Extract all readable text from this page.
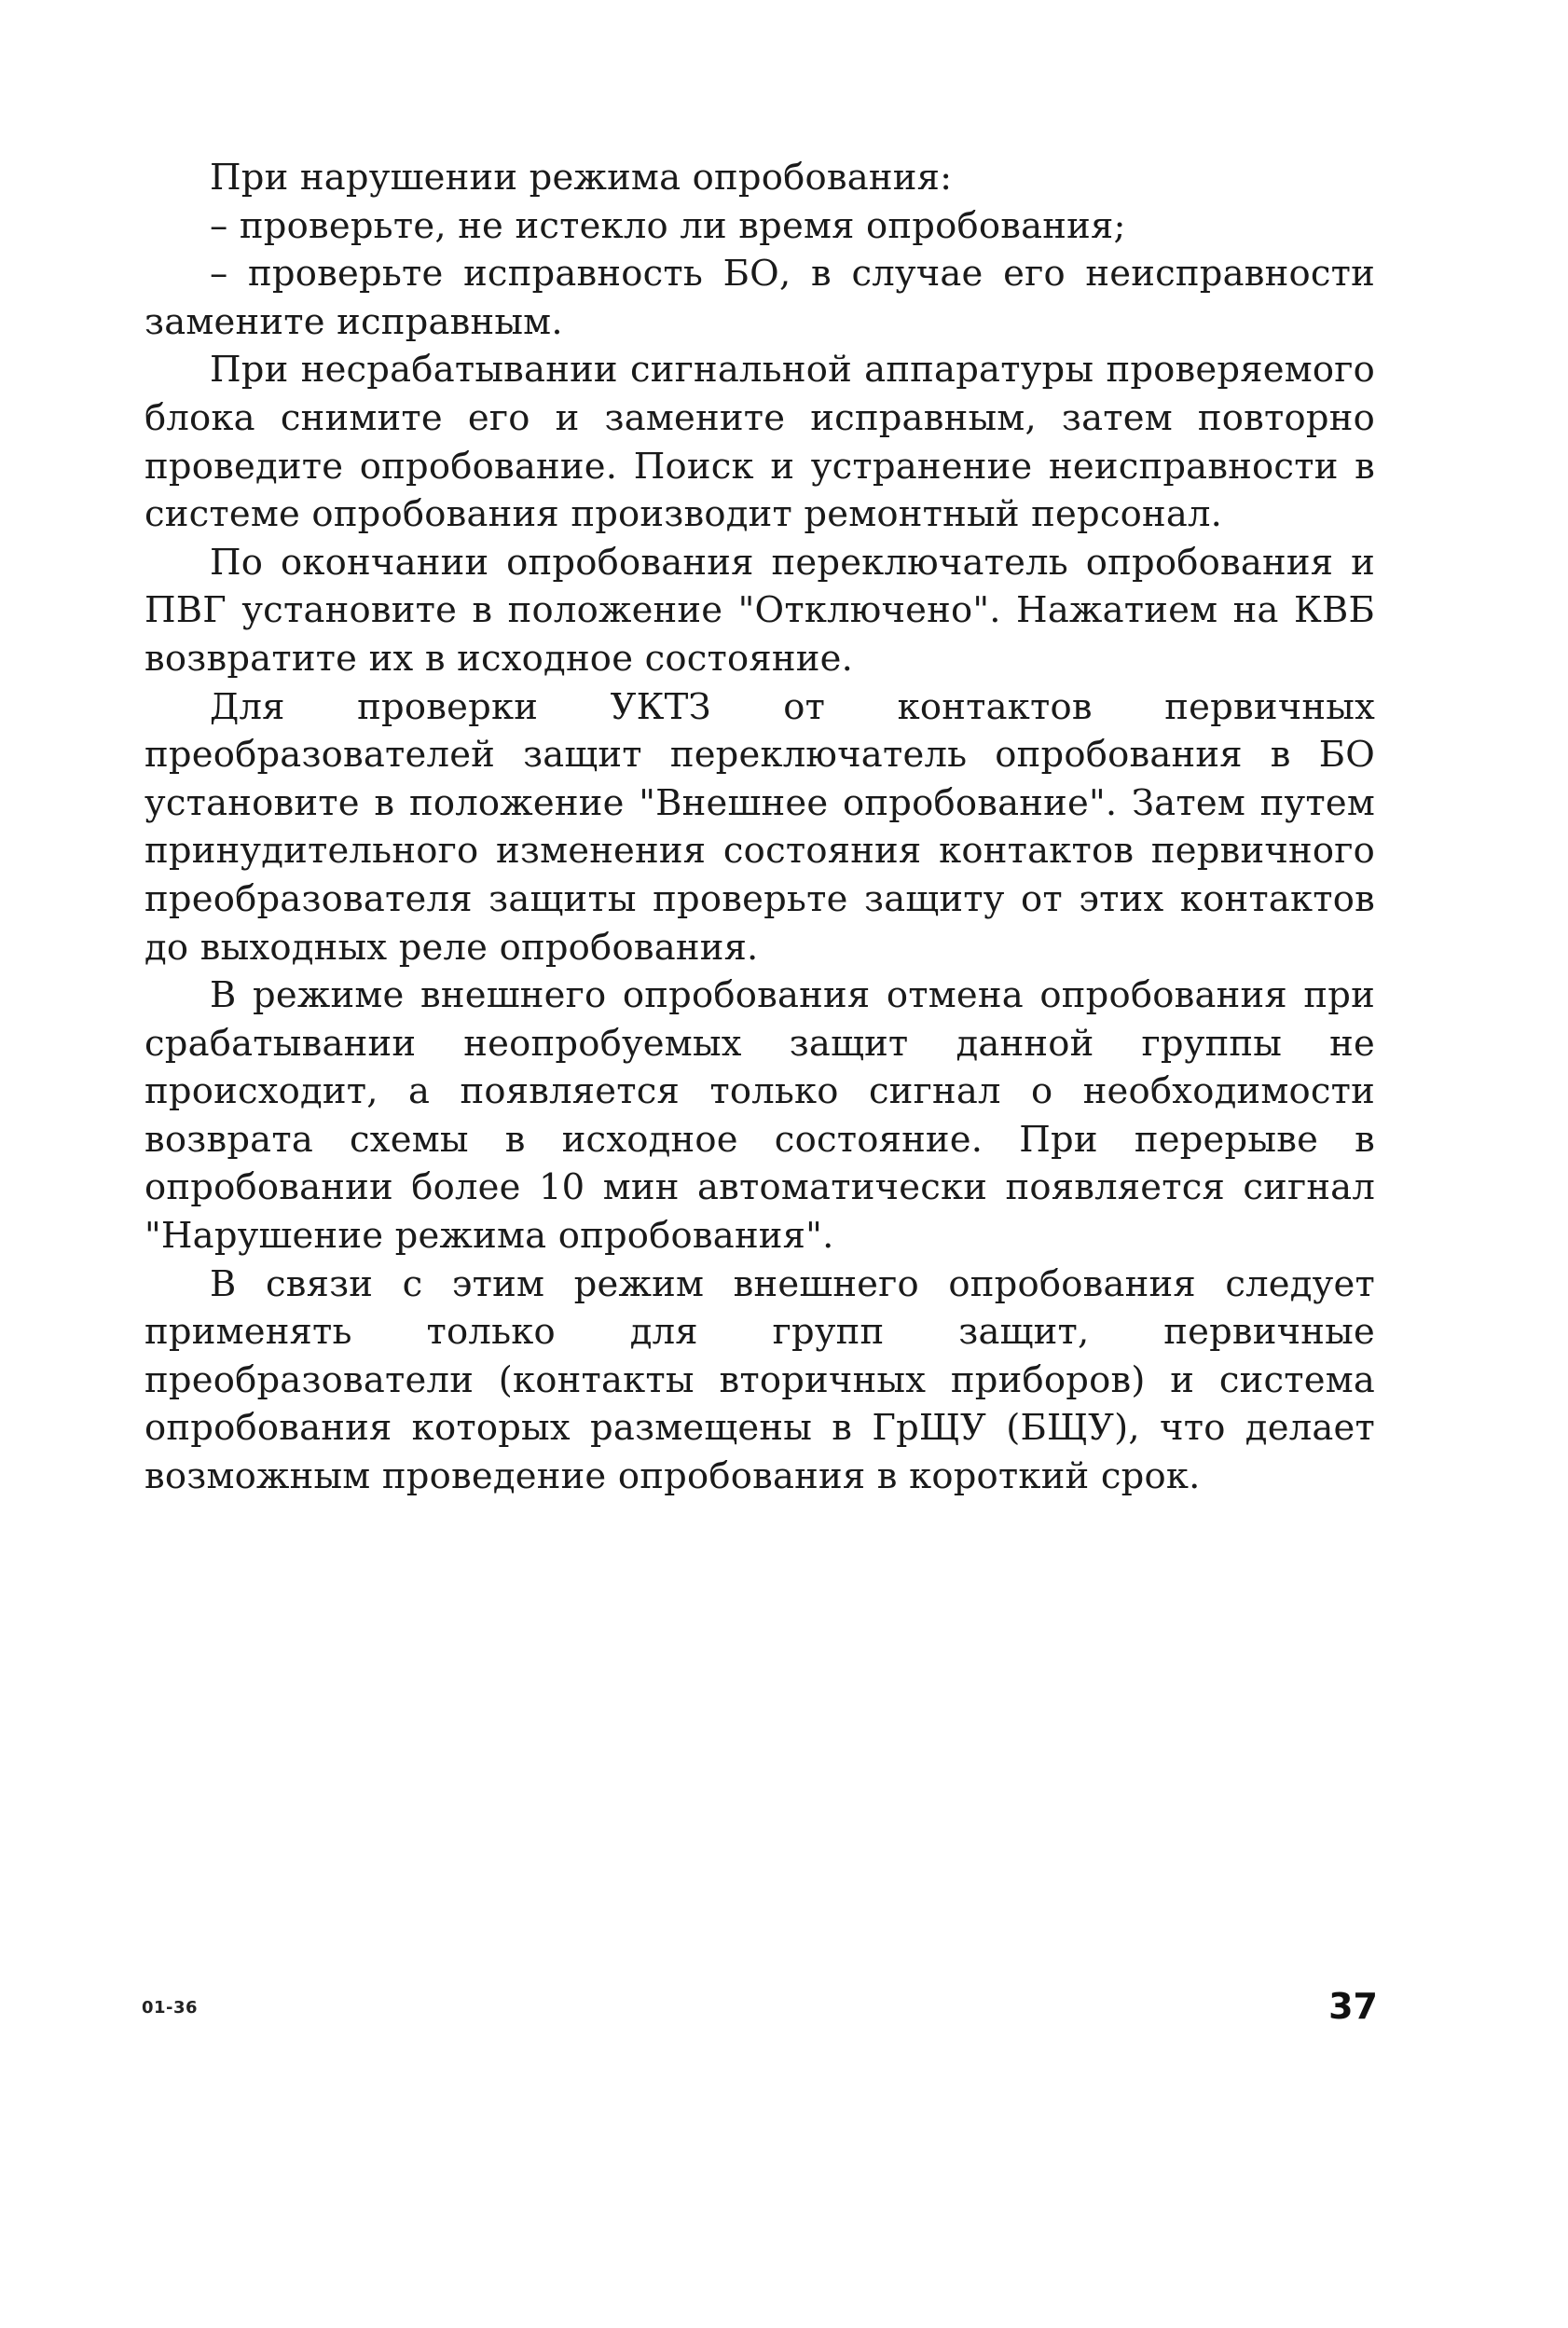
При нарушении режима опробования:

– проверьте, не истекло ли время опробования;

– проверьте исправность БО, в случае его неисправности замените исправным.

При несрабатывании сигнальной аппаратуры проверяемого блока снимите его и замените исправным, затем повторно проведите опробование. Поиск и устранение неисправности в системе опробования производит ремонтный персонал.

По окончании опробования переключатель опробования и ПВГ установите в положение "Отключено". Нажатием на КВБ возвратите их в исходное состояние.

Для проверки УКТЗ от контактов первичных преобразователей защит переключатель опробования в БО установите в положение "Внешнее опробование". Затем путем принудительного изменения состояния контактов первичного преобразователя защиты проверьте защиту от этих контактов до выходных реле опробования.

В режиме внешнего опробования отмена опробования при срабатывании неопробуемых защит данной группы не происходит, а появляется только сигнал о необходимости возврата схемы в исходное состояние. При перерыве в опробовании более 10 мин автоматически появляется сигнал "Нарушение режима опробования".

В связи с этим режим внешнего опробования следует применять только для групп защит, первичные преобразователи (контакты вторичных приборов) и система опробования которых размещены в ГрЩУ (БЩУ), что делает возможным проведение опробования в короткий срок.

01-36	37
